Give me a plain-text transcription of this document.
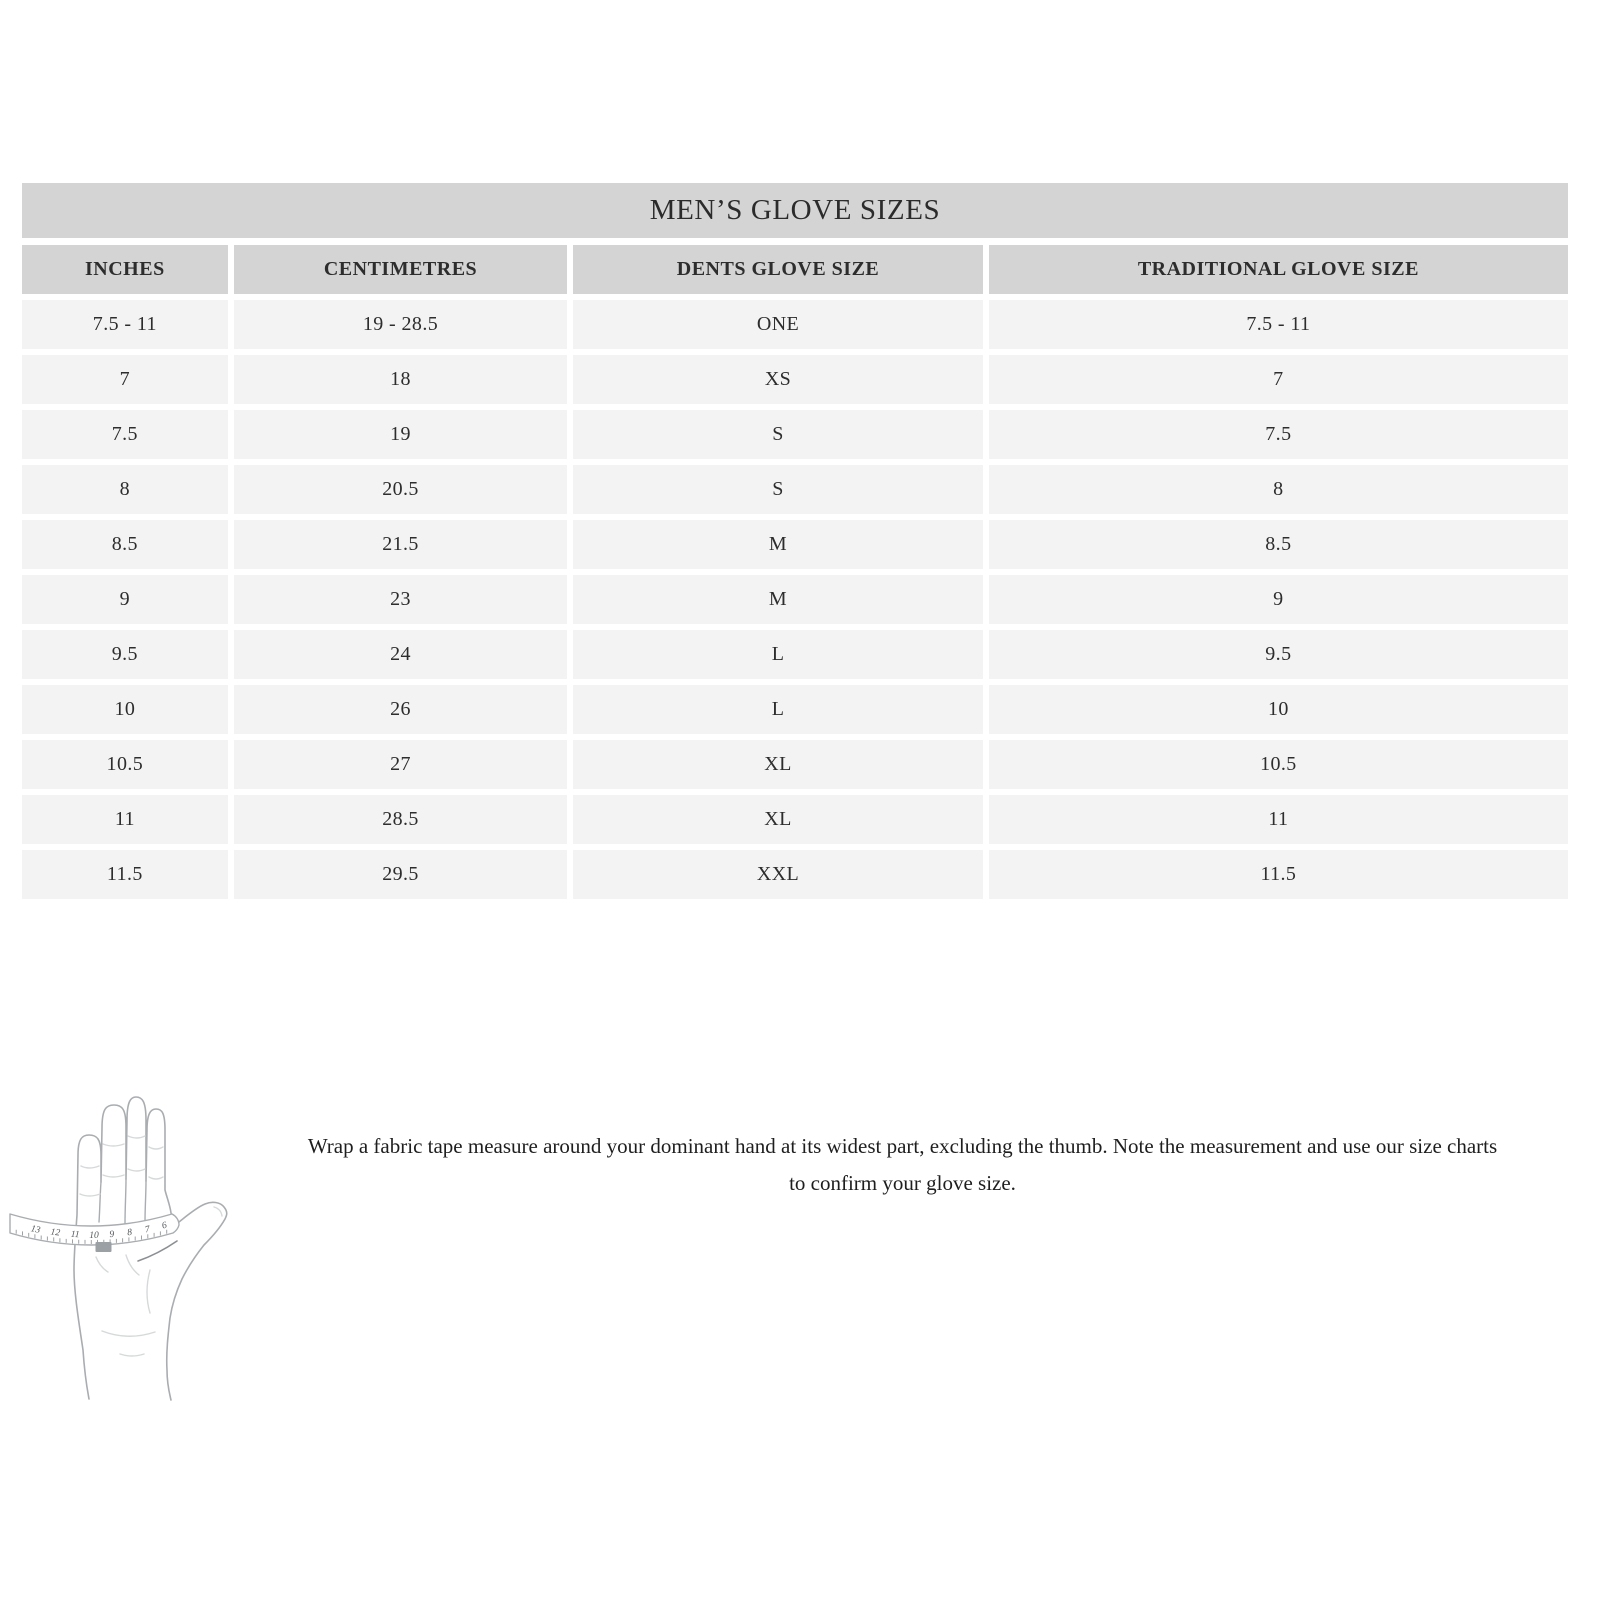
MEN’S GLOVE SIZES
INCHES	CENTIMETRES	DENTS GLOVE SIZE	TRADITIONAL GLOVE SIZE
7.5 - 11	19 - 28.5	ONE	7.5 - 11
7	18	XS	7
7.5	19	S	7.5
8	20.5	S	8
8.5	21.5	M	8.5
9	23	M	9
9.5	24	L	9.5
10	26	L	10
10.5	27	XL	10.5
11	28.5	XL	11
11.5	29.5	XXL	11.5
13 12 11 10 9 8 7 6

Wrap a fabric tape measure around your dominant hand at its widest part, excluding the thumb. Note the measurement and use our size charts
to confirm your glove size.
